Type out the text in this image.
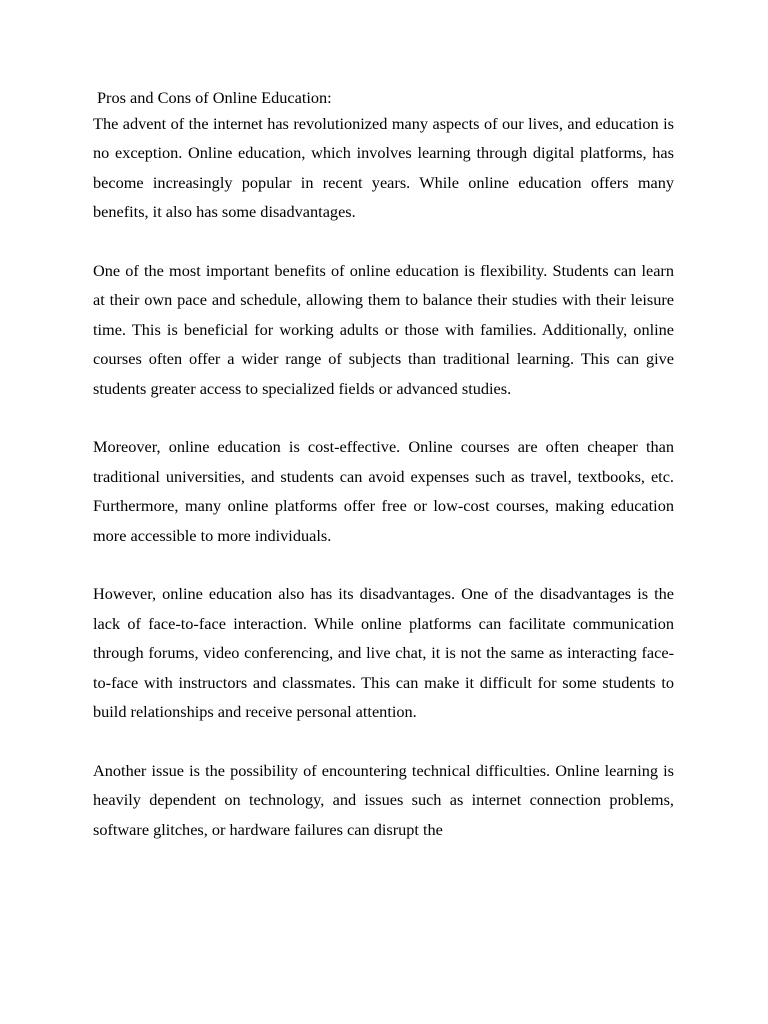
Pros and Cons of Online Education:

The advent of the internet has revolutionized many aspects of our lives, and education is no exception. Online education, which involves learning through digital platforms, has become increasingly popular in recent years. While online education offers many benefits, it also has some disadvantages.

One of the most important benefits of online education is flexibility. Students can learn at their own pace and schedule, allowing them to balance their studies with their leisure time. This is beneficial for working adults or those with families. Additionally, online courses often offer a wider range of subjects than traditional learning. This can give students greater access to specialized fields or advanced studies.

Moreover, online education is cost-effective. Online courses are often cheaper than traditional universities, and students can avoid expenses such as travel, textbooks, etc. Furthermore, many online platforms offer free or low-cost courses, making education more accessible to more individuals.

However, online education also has its disadvantages. One of the disadvantages is the lack of face-to-face interaction. While online platforms can facilitate communication through forums, video conferencing, and live chat, it is not the same as interacting face-to-face with instructors and classmates. This can make it difficult for some students to build relationships and receive personal attention.

Another issue is the possibility of encountering technical difficulties. Online learning is heavily dependent on technology, and issues such as internet connection problems, software glitches, or hardware failures can disrupt the
